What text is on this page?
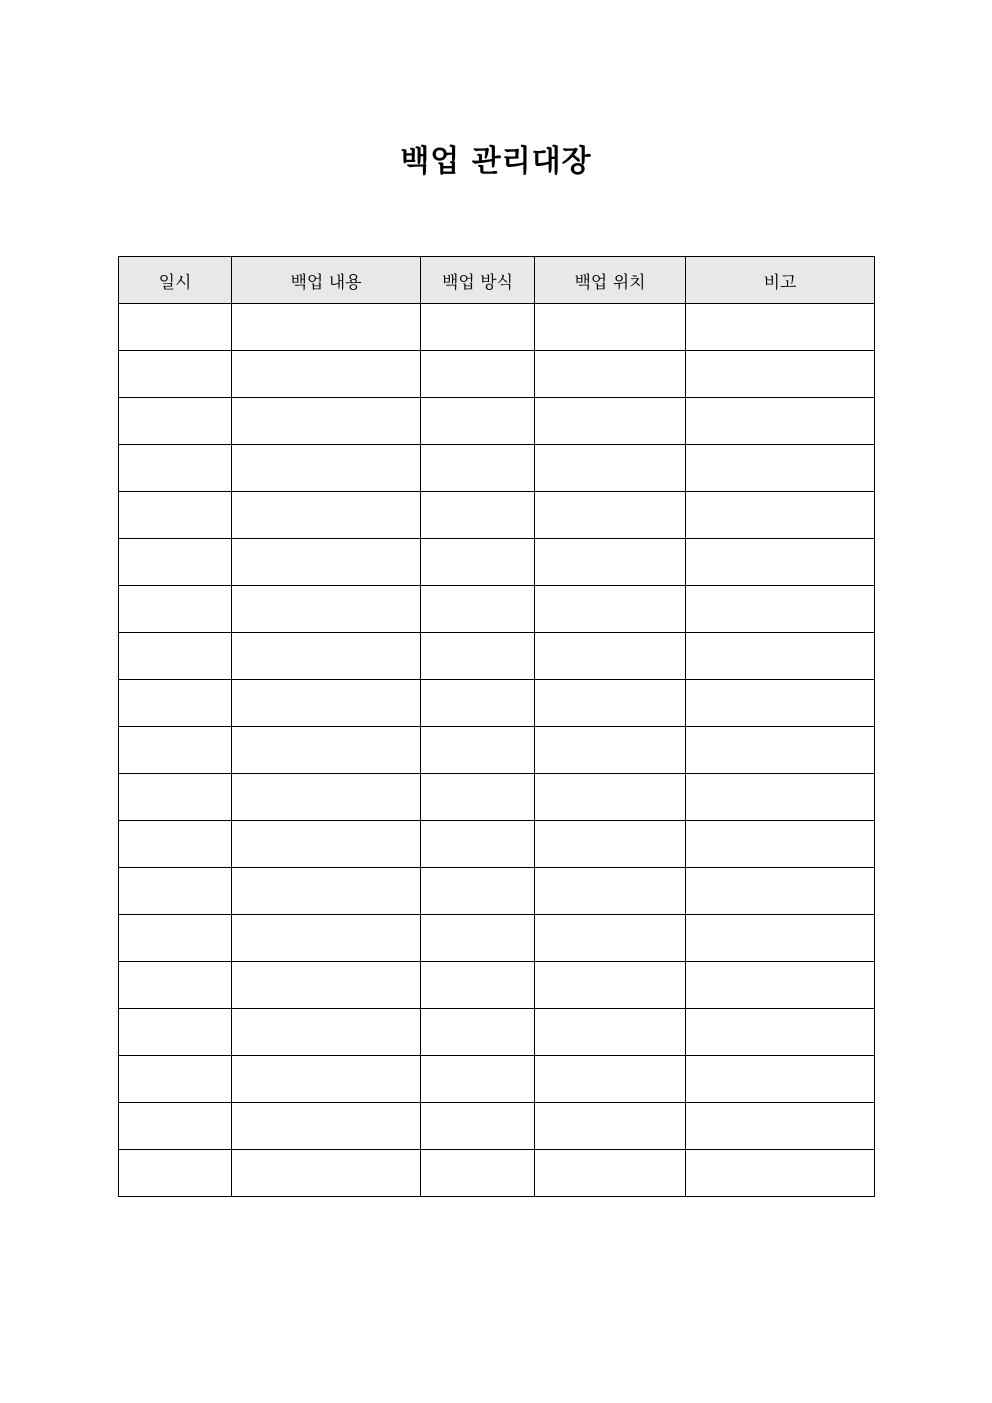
백업 관리대장
일시	백업 내용	백업 방식	백업 위치	비고
